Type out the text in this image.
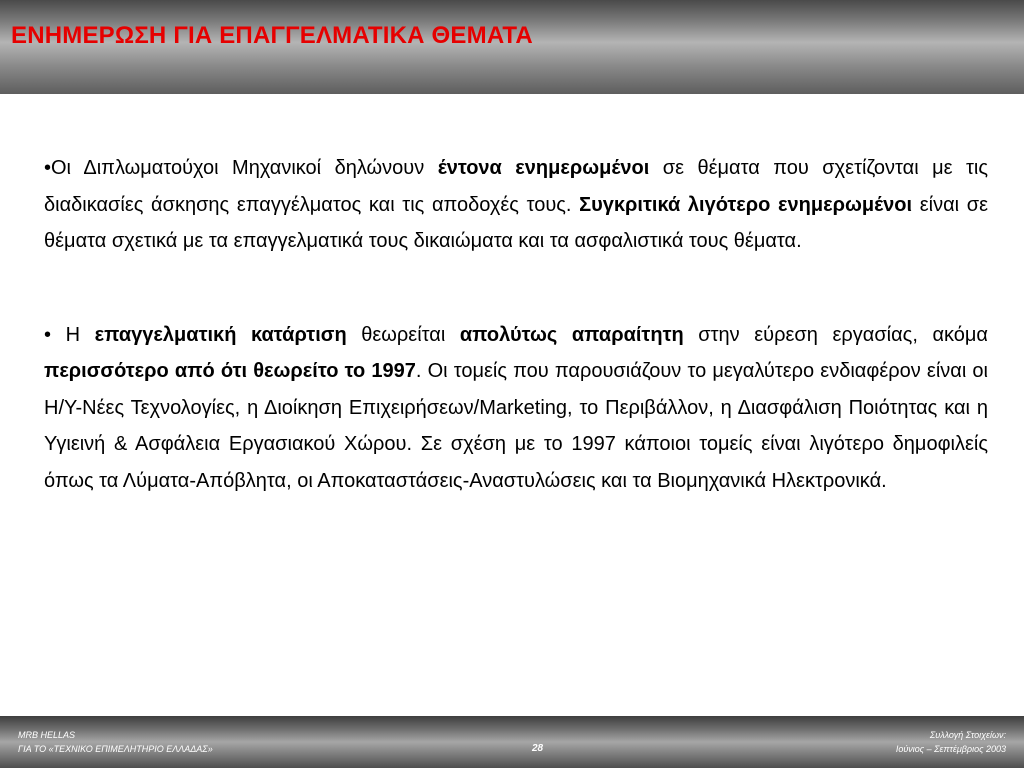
ΕΝΗΜΕΡΩΣΗ ΓΙΑ ΕΠΑΓΓΕΛΜΑΤΙΚΑ ΘΕΜΑΤΑ

•Οι Διπλωματούχοι Μηχανικοί δηλώνουν έντονα ενημερωμένοι σε θέματα που σχετίζονται με τις διαδικασίες άσκησης επαγγέλματος και τις αποδοχές τους. Συγκριτικά λιγότερο ενημερωμένοι είναι σε θέματα σχετικά με τα επαγγελματικά τους δικαιώματα και τα ασφαλιστικά τους θέματα.

• Η επαγγελματική κατάρτιση θεωρείται απολύτως απαραίτητη στην εύρεση εργασίας, ακόμα περισσότερο από ότι θεωρείτο το 1997. Οι τομείς που παρουσιάζουν το μεγαλύτερο ενδιαφέρον είναι οι Η/Υ-Νέες Τεχνολογίες, η Διοίκηση Επιχειρήσεων/Marketing, το Περιβάλλον, η Διασφάλιση Ποιότητας και η Υγιεινή & Ασφάλεια Εργασιακού Χώρου. Σε σχέση με το 1997 κάποιοι τομείς είναι λιγότερο δημοφιλείς όπως τα Λύματα-Απόβλητα, οι Αποκαταστάσεις-Αναστυλώσεις και τα Βιομηχανικά Ηλεκτρονικά.

MRB HELLAS
ΓΙΑ ΤΟ «ΤΕΧΝΙΚΟ ΕΠΙΜΕΛΗΤΗΡΙΟ ΕΛΛΑΔΑΣ»	28
Συλλογή Στοιχείων:
Ιούνιος – Σεπτέμβριος 2003
